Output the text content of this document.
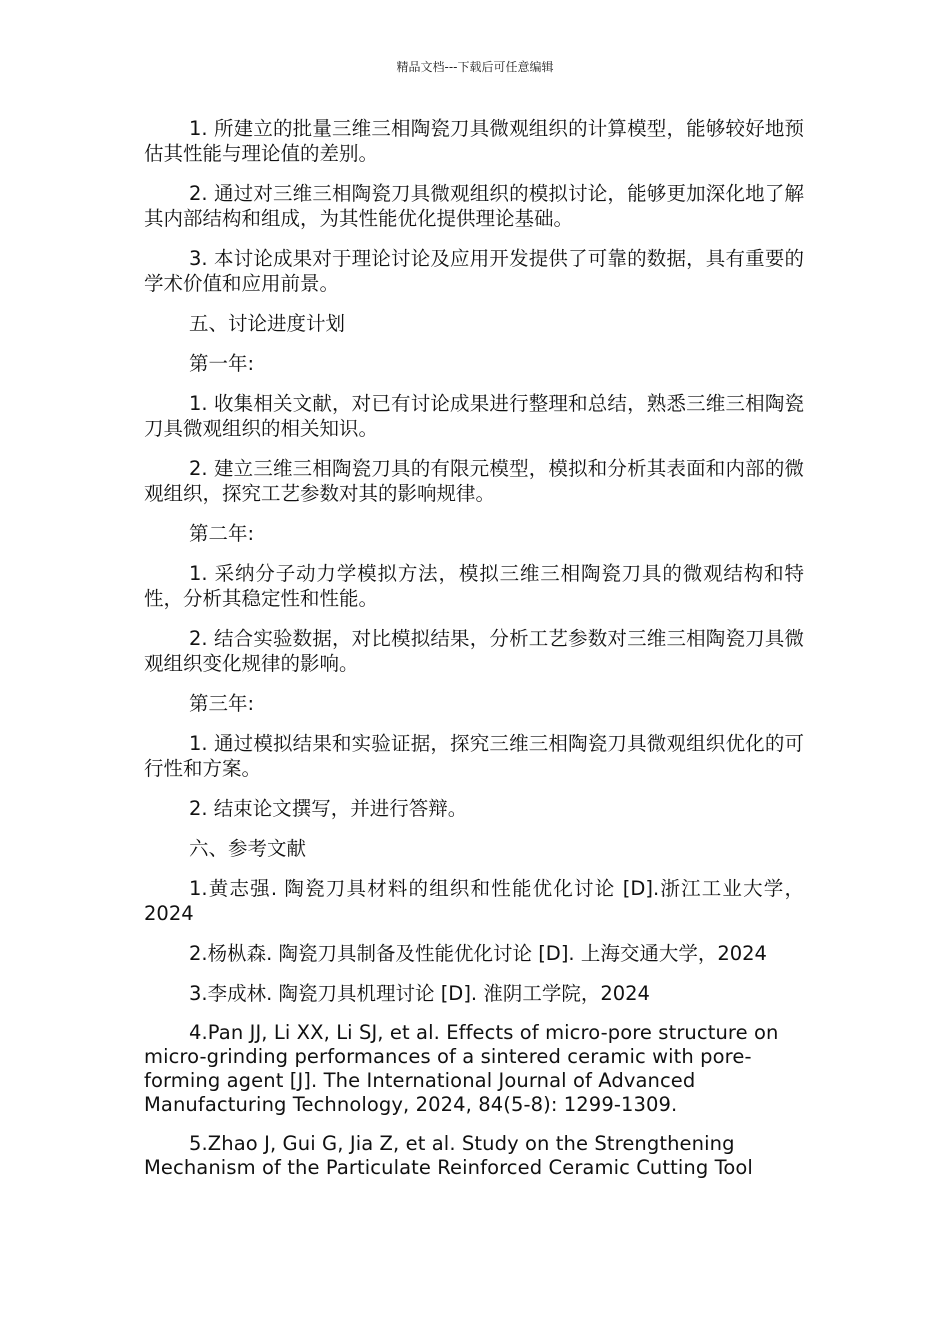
精品文档---下载后可任意编辑

1. 所建立的批量三维三相陶瓷刀具微观组织的计算模型，能够较好地预估其性能与理论值的差别。

2. 通过对三维三相陶瓷刀具微观组织的模拟讨论，能够更加深化地了解其内部结构和组成，为其性能优化提供理论基础。

3. 本讨论成果对于理论讨论及应用开发提供了可靠的数据，具有重要的学术价值和应用前景。

五、讨论进度计划

第一年:

1. 收集相关文献，对已有讨论成果进行整理和总结，熟悉三维三相陶瓷刀具微观组织的相关知识。

2. 建立三维三相陶瓷刀具的有限元模型，模拟和分析其表面和内部的微观组织，探究工艺参数对其的影响规律。

第二年:

1. 采纳分子动力学模拟方法，模拟三维三相陶瓷刀具的微观结构和特性，分析其稳定性和性能。

2. 结合实验数据，对比模拟结果，分析工艺参数对三维三相陶瓷刀具微观组织变化规律的影响。

第三年:

1. 通过模拟结果和实验证据，探究三维三相陶瓷刀具微观组织优化的可行性和方案。

2. 结束论文撰写，并进行答辩。

六、参考文献

1.黄志强. 陶瓷刀具材料的组织和性能优化讨论 [D].浙江工业大学，2024

2.杨枞森. 陶瓷刀具制备及性能优化讨论 [D]. 上海交通大学，2024

3.李成林. 陶瓷刀具机理讨论 [D]. 淮阴工学院，2024

4.Pan JJ, Li XX, Li SJ, et al. Effects of micro-pore structure on micro-grinding performances of a sintered ceramic with pore-forming agent [J]. The International Journal of Advanced Manufacturing Technology, 2024, 84(5-8): 1299-1309.

5.Zhao J, Gui G, Jia Z, et al. Study on the Strengthening Mechanism of the Particulate Reinforced Ceramic Cutting Tool
